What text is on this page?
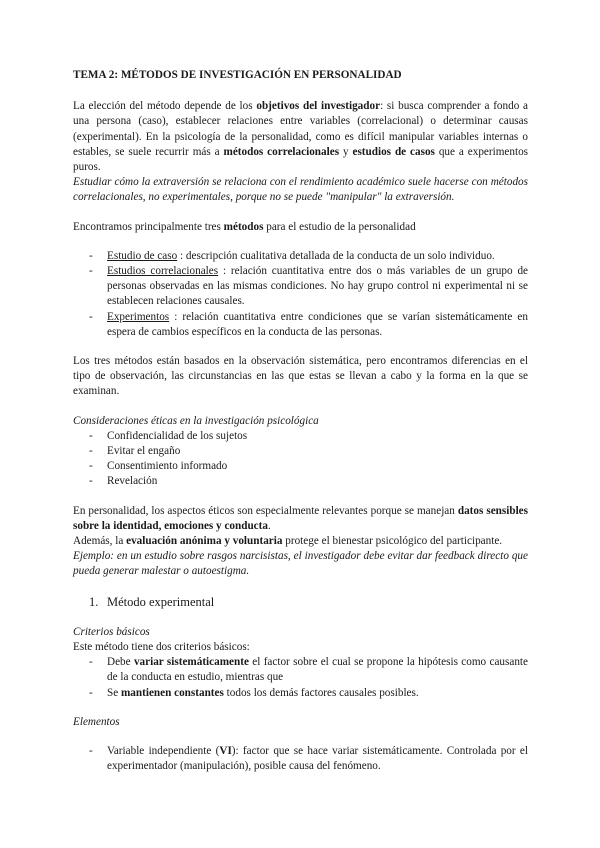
TEMA 2: MÉTODOS DE INVESTIGACIÓN EN PERSONALIDAD

La elección del método depende de los objetivos del investigador: si busca comprender a fondo a una persona (caso), establecer relaciones entre variables (correlacional) o determinar causas (experimental). En la psicología de la personalidad, como es difícil manipular variables internas o estables, se suele recurrir más a métodos correlacionales y estudios de casos que a experimentos puros.

Estudiar cómo la extraversión se relaciona con el rendimiento académico suele hacerse con métodos correlacionales, no experimentales, porque no se puede "manipular" la extraversión.

Encontramos principalmente tres métodos para el estudio de la personalidad

- Estudio de caso : descripción cualitativa detallada de la conducta de un solo individuo.
- Estudios correlacionales : relación cuantitativa entre dos o más variables de un grupo de personas observadas en las mismas condiciones. No hay grupo control ni experimental ni se establecen relaciones causales.
- Experimentos : relación cuantitativa entre condiciones que se varían sistemáticamente en espera de cambios específicos en la conducta de las personas.

Los tres métodos están basados en la observación sistemática, pero encontramos diferencias en el tipo de observación, las circunstancias en las que estas se llevan a cabo y la forma en la que se examinan.

Consideraciones éticas en la investigación psicológica

- Confidencialidad de los sujetos
- Evitar el engaño
- Consentimiento informado
- Revelación

En personalidad, los aspectos éticos son especialmente relevantes porque se manejan datos sensibles sobre la identidad, emociones y conducta.

Además, la evaluación anónima y voluntaria protege el bienestar psicológico del participante.

Ejemplo: en un estudio sobre rasgos narcisistas, el investigador debe evitar dar feedback directo que pueda generar malestar o autoestigma.

1. Método experimental

Criterios básicos

Este método tiene dos criterios básicos:

- Debe variar sistemáticamente el factor sobre el cual se propone la hipótesis como causante de la conducta en estudio, mientras que
- Se mantienen constantes todos los demás factores causales posibles.

Elementos

- Variable independiente (VI): factor que se hace variar sistemáticamente. Controlada por el experimentador (manipulación), posible causa del fenómeno.
